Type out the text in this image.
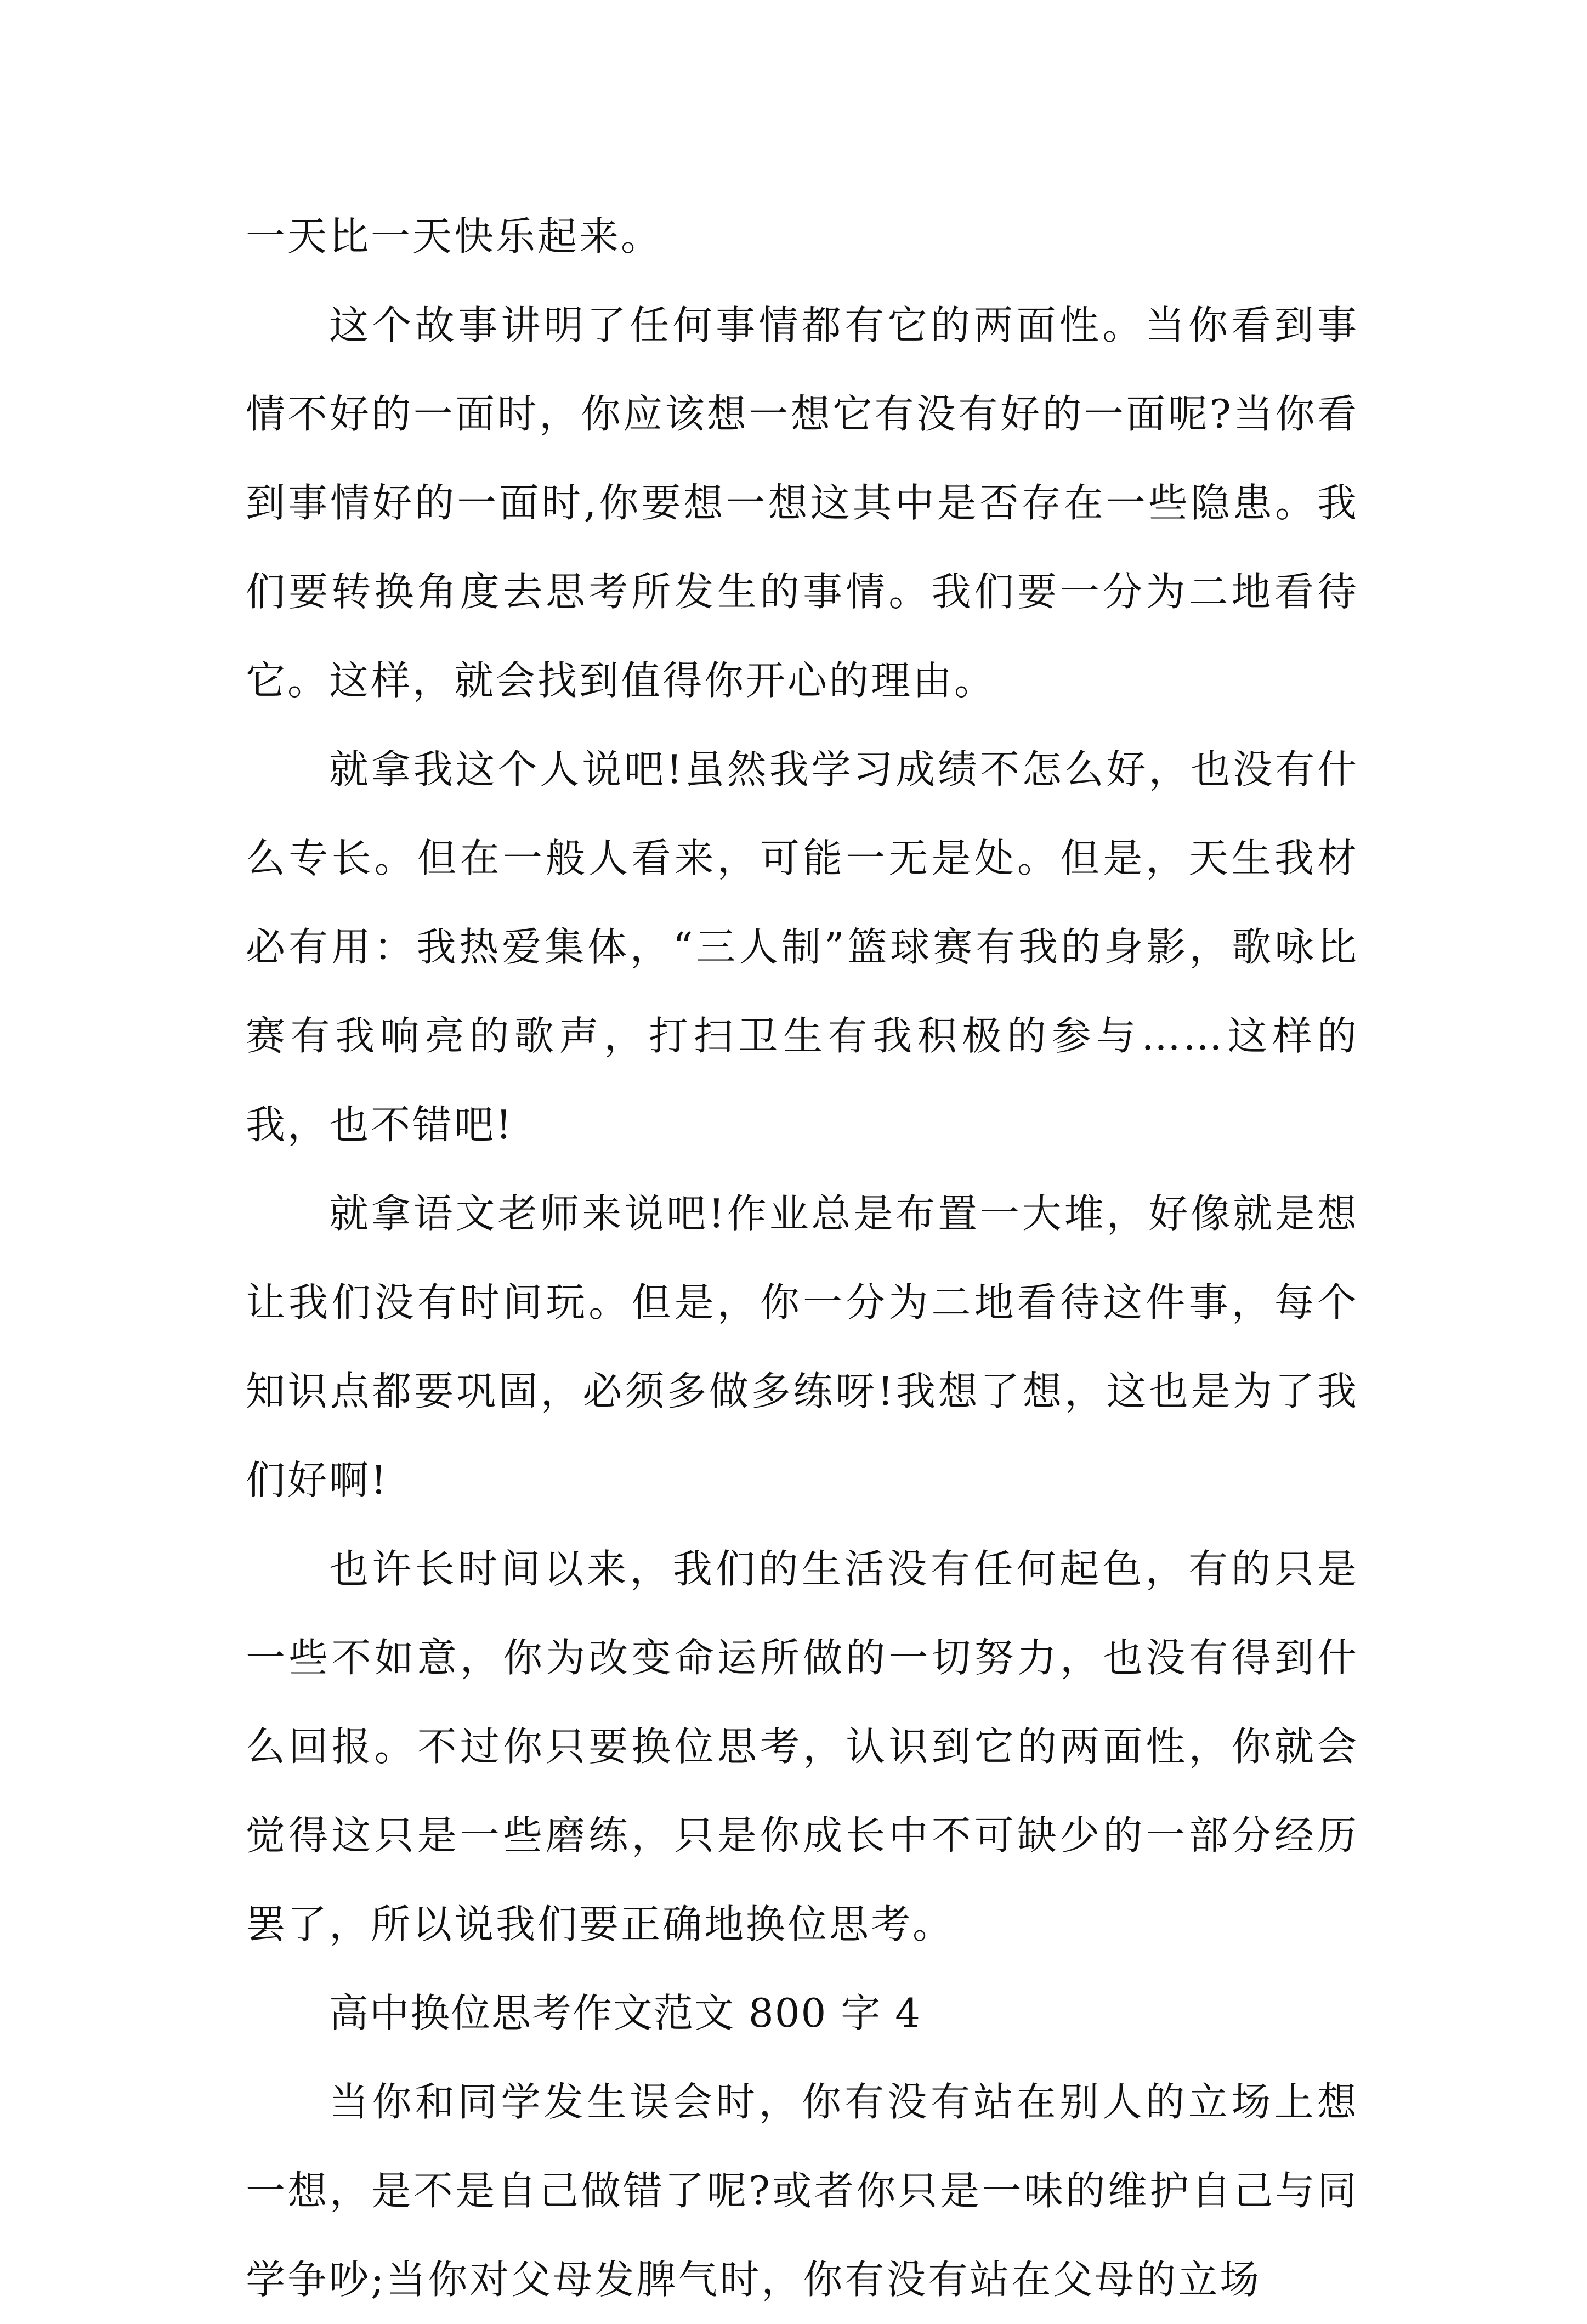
一天比一天快乐起来。

这个故事讲明了任何事情都有它的两面性。当你看到事情不好的一面时，你应该想一想它有没有好的一面呢?当你看到事情好的一面时,你要想一想这其中是否存在一些隐患。我们要转换角度去思考所发生的事情。我们要一分为二地看待它。这样，就会找到值得你开心的理由。

就拿我这个人说吧!虽然我学习成绩不怎么好，也没有什么专长。但在一般人看来，可能一无是处。但是，天生我材必有用：我热爱集体，“三人制”篮球赛有我的身影，歌咏比赛有我响亮的歌声，打扫卫生有我积极的参与……这样的我，也不错吧!

就拿语文老师来说吧!作业总是布置一大堆，好像就是想让我们没有时间玩。但是，你一分为二地看待这件事，每个知识点都要巩固，必须多做多练呀!我想了想，这也是为了我们好啊!

也许长时间以来，我们的生活没有任何起色，有的只是一些不如意，你为改变命运所做的一切努力，也没有得到什么回报。不过你只要换位思考，认识到它的两面性，你就会觉得这只是一些磨练，只是你成长中不可缺少的一部分经历罢了，所以说我们要正确地换位思考。

高中换位思考作文范文 800 字 4

当你和同学发生误会时，你有没有站在别人的立场上想一想，是不是自己做错了呢?或者你只是一味的维护自己与同学争吵;当你对父母发脾气时，你有没有站在父母的立场
